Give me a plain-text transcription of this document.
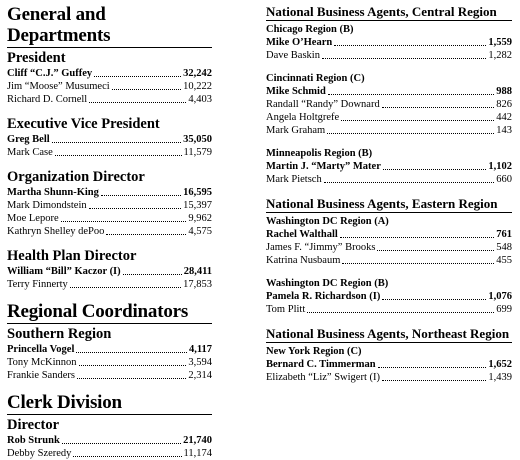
General and Departments
President
Cliff “C.J.” Guffey	32,242
Jim “Moose” Musumeci	10,222
Richard D. Cornell	4,403
Executive Vice President
Greg Bell	35,050
Mark Case	11,579
Organization Director
Martha Shunn-King	16,595
Mark Dimondstein	15,397
Moe Lepore	9,962
Kathryn Shelley dePoo	4,575
Health Plan Director
William “Bill” Kaczor (I)	28,411
Terry Finnerty	17,853
Regional Coordinators
Southern Region
Princella Vogel	4,117
Tony McKinnon	3,594
Frankie Sanders	2,314
Clerk Division
Director
Rob Strunk	21,740
Debby Szeredy	11,174
National Business Agents, Central Region
Chicago Region (B)
Mike O’Hearn	1,559
Dave Baskin	1,282
Cincinnati Region (C)
Mike Schmid	988
Randall “Randy” Downard	826
Angela Holtgrefe	442
Mark Graham	143
Minneapolis Region (B)
Martin J. “Marty” Mater	1,102
Mark Pietsch	660
National Business Agents, Eastern Region
Washington DC Region (A)
Rachel Walthall	761
James F. “Jimmy” Brooks	548
Katrina Nusbaum	455
Washington DC Region (B)
Pamela R. Richardson (I)	1,076
Tom Plitt	699
National Business Agents, Northeast Region
New York Region (C)
Bernard C. Timmerman	1,652
Elizabeth “Liz” Swigert (I)	1,439
